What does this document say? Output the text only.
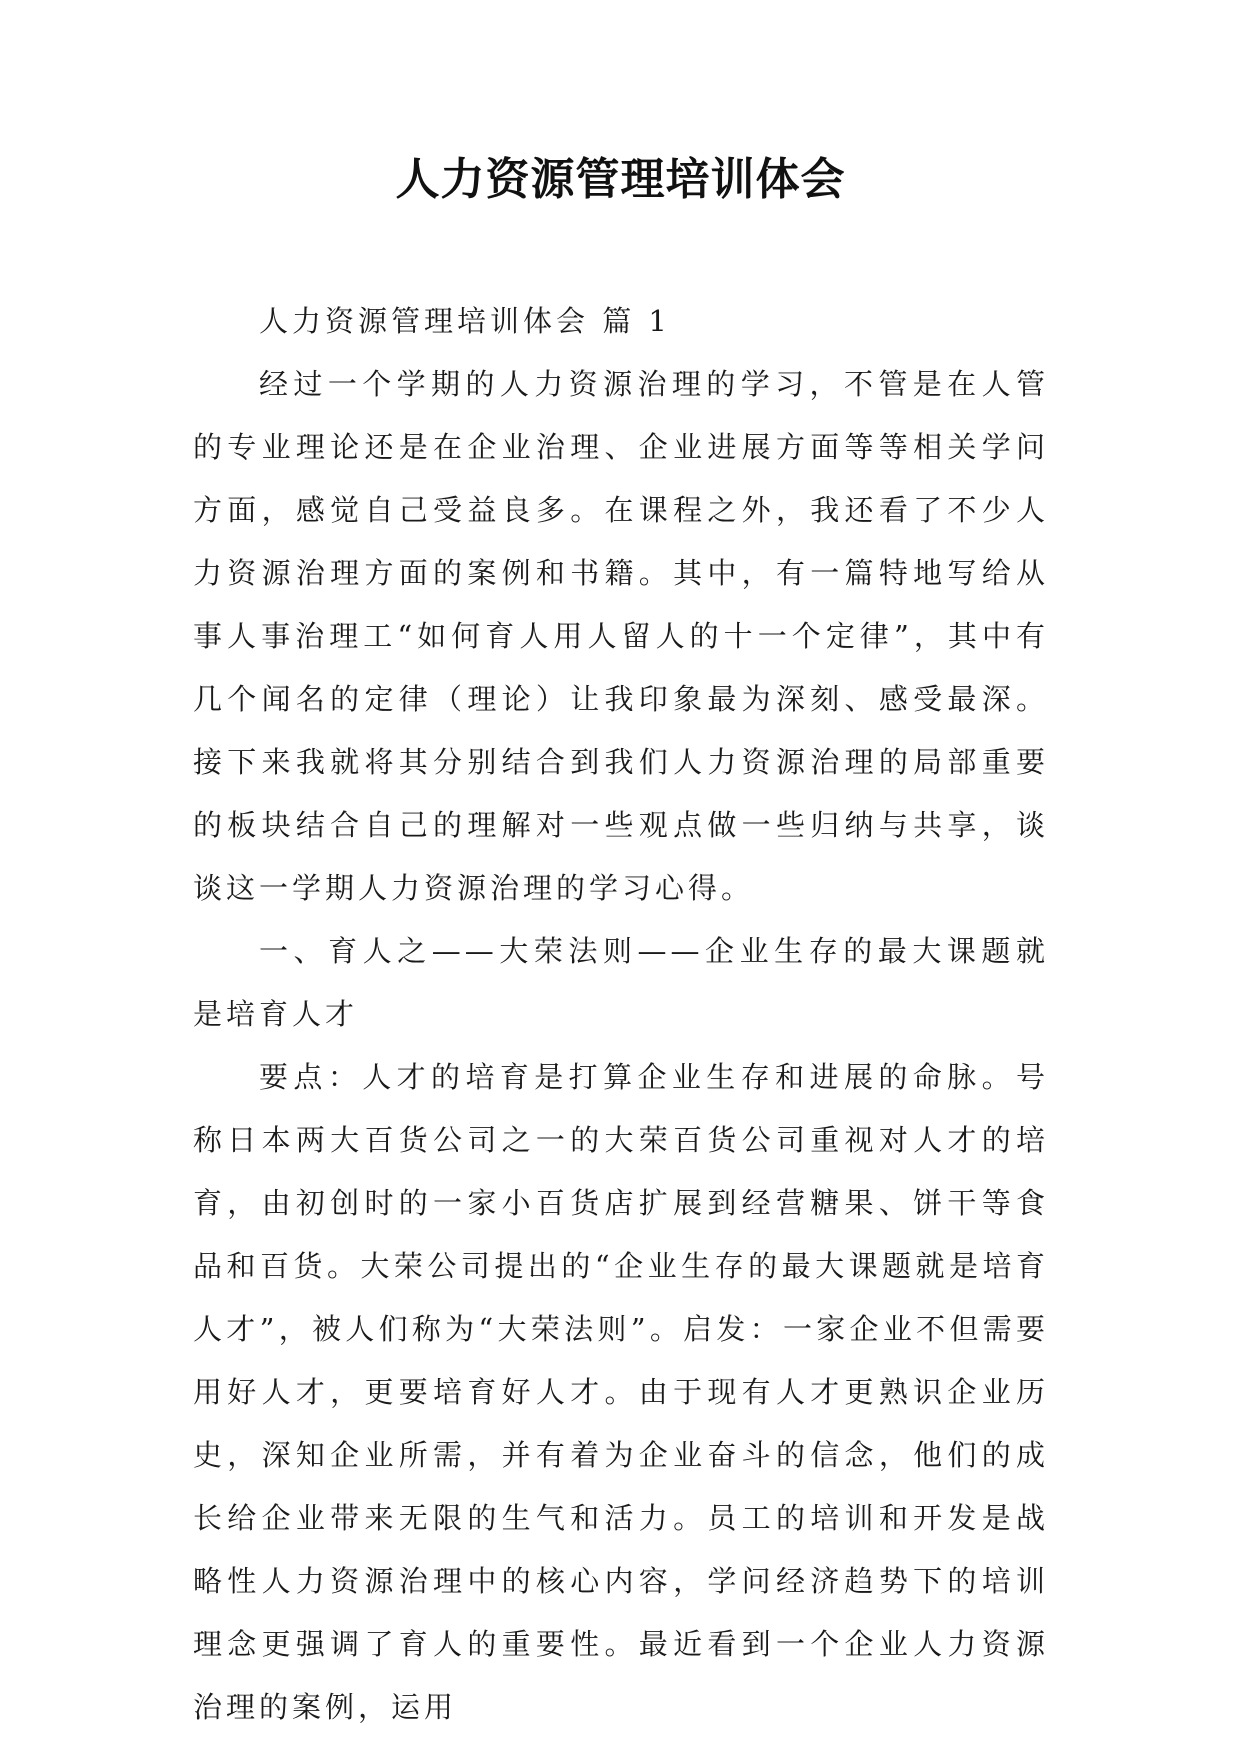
人力资源管理培训体会

人力资源管理培训体会 篇 1

经过一个学期的人力资源治理的学习，不管是在人管的专业理论还是在企业治理、企业进展方面等等相关学问方面，感觉自己受益良多。在课程之外，我还看了不少人力资源治理方面的案例和书籍。其中，有一篇特地写给从事人事治理工“如何育人用人留人的十一个定律”，其中有几个闻名的定律（理论）让我印象最为深刻、感受最深。接下来我就将其分别结合到我们人力资源治理的局部重要的板块结合自己的理解对一些观点做一些归纳与共享，谈谈这一学期人力资源治理的学习心得。

一、育人之——大荣法则——企业生存的最大课题就是培育人才

要点：人才的培育是打算企业生存和进展的命脉。号称日本两大百货公司之一的大荣百货公司重视对人才的培育，由初创时的一家小百货店扩展到经营糖果、饼干等食品和百货。大荣公司提出的“企业生存的最大课题就是培育人才”，被人们称为“大荣法则”。启发：一家企业不但需要用好人才，更要培育好人才。由于现有人才更熟识企业历史，深知企业所需，并有着为企业奋斗的信念，他们的成长给企业带来无限的生气和活力。员工的培训和开发是战略性人力资源治理中的核心内容，学问经济趋势下的培训理念更强调了育人的重要性。最近看到一个企业人力资源治理的案例，运用
